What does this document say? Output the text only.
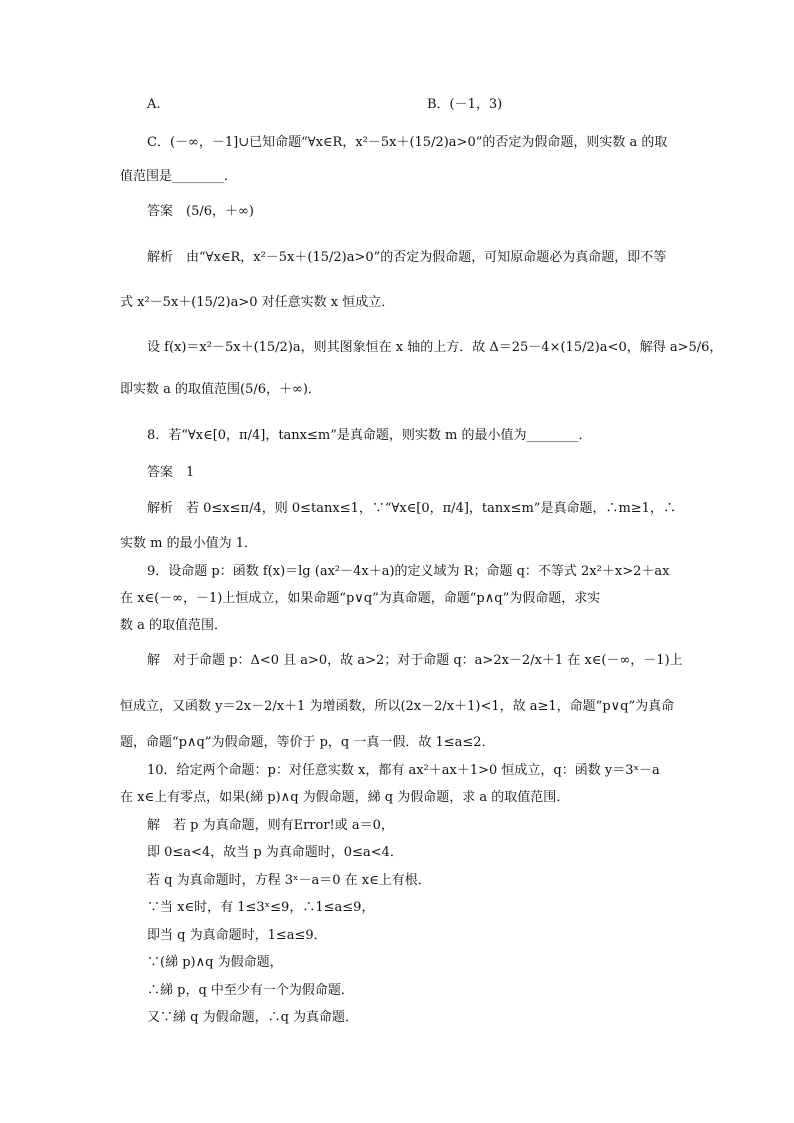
A.	B．(－1，3)
C．(－∞，－1]∪已知命题“∀x∈R，x²－5x＋(15/2)a>0”的否定为假命题，则实数 a 的取
值范围是________．
答案　(5/6，＋∞)
解析　由“∀x∈R，x²－5x＋(15/2)a>0”的否定为假命题，可知原命题必为真命题，即不等
式 x²－5x＋(15/2)a>0 对任意实数 x 恒成立．
设 f(x)＝x²－5x＋(15/2)a，则其图象恒在 x 轴的上方．故 Δ＝25－4×(15/2)a<0，解得 a>5/6，
即实数 a 的取值范围(5/6，＋∞)．
8．若“∀x∈[0，π/4]，tanx≤m”是真命题，则实数 m 的最小值为________．
答案　1
解析　若 0≤x≤π/4，则 0≤tanx≤1，∵“∀x∈[0，π/4]，tanx≤m”是真命题，∴m≥1，∴
实数 m 的最小值为 1．
9．设命题 p：函数 f(x)＝lg (ax²－4x＋a)的定义域为 R；命题 q：不等式 2x²＋x>2＋ax
在 x∈(－∞，－1)上恒成立，如果命题“p∨q”为真命题，命题“p∧q”为假命题，求实
数 a 的取值范围．
解　对于命题 p：Δ<0 且 a>0，故 a>2；对于命题 q：a>2x－2/x＋1 在 x∈(－∞，－1)上
恒成立，又函数 y＝2x－2/x＋1 为增函数，所以(2x－2/x＋1)<1，故 a≥1，命题“p∨q”为真命
题，命题“p∧q”为假命题，等价于 p，q 一真一假．故 1≤a≤2．
10．给定两个命题：p：对任意实数 x，都有 ax²＋ax＋1>0 恒成立，q：函数 y＝3ˣ－a
在 x∈上有零点，如果(綈 p)∧q 为假命题，綈 q 为假命题，求 a 的取值范围．
解　若 p 为真命题，则有Error!或 a＝0，
即 0≤a<4，故当 p 为真命题时，0≤a<4．
若 q 为真命题时，方程 3ˣ－a＝0 在 x∈上有根．
∵当 x∈时，有 1≤3ˣ≤9，∴1≤a≤9，
即当 q 为真命题时，1≤a≤9．
∵(綈 p)∧q 为假命题，
∴綈 p，q 中至少有一个为假命题．
又∵綈 q 为假命题，∴q 为真命题．
